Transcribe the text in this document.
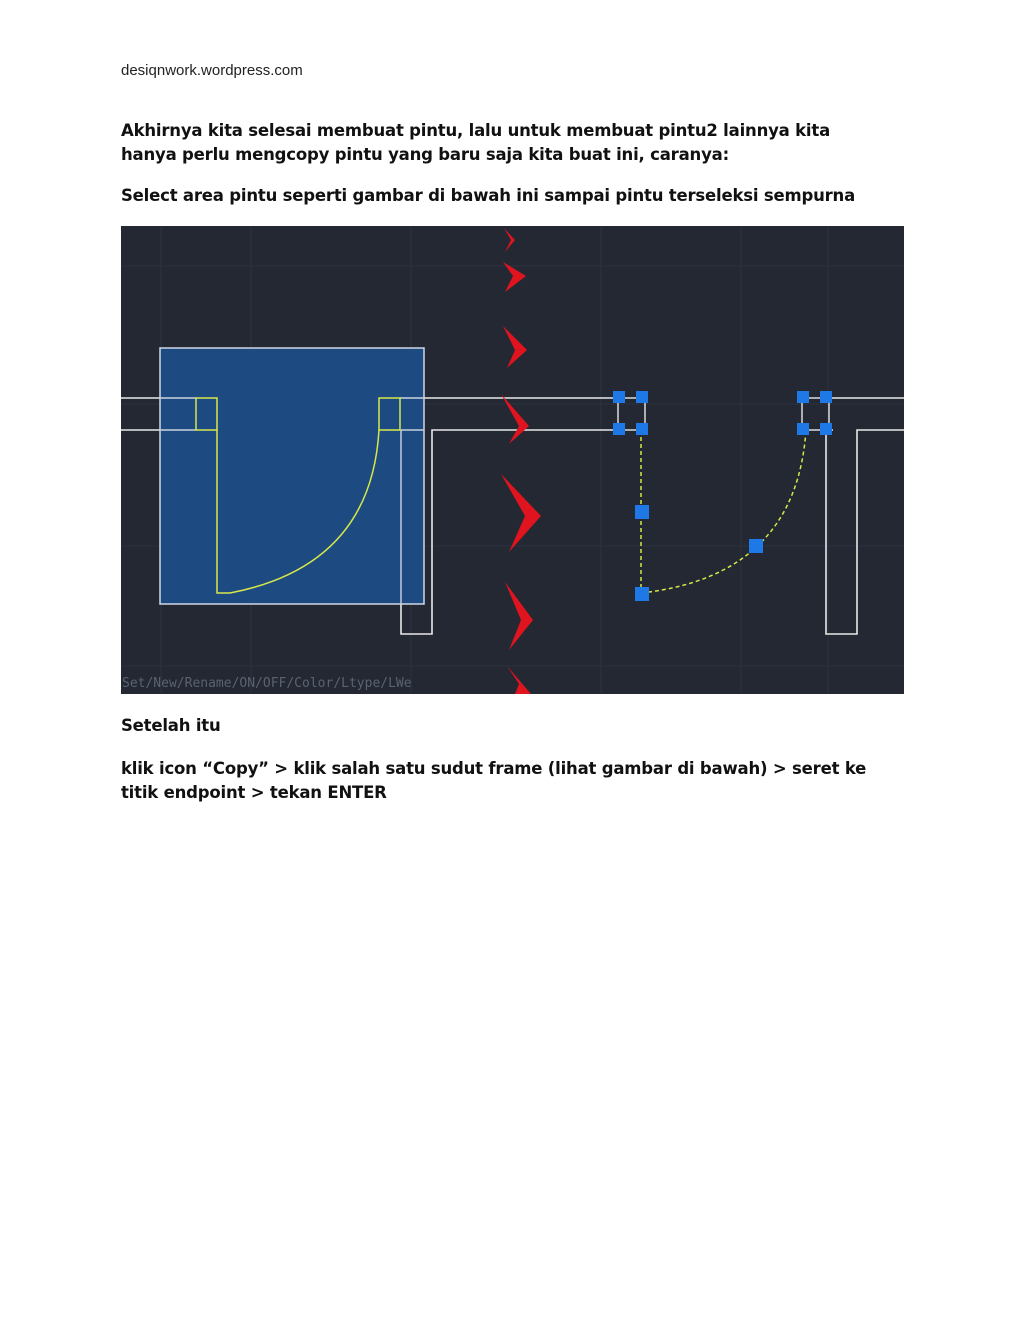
desiqnwork.wordpress.com
Akhirnya kita selesai membuat pintu, lalu untuk membuat pintu2 lainnya kita
hanya perlu mengcopy pintu yang baru saja kita buat ini, caranya:
Select area pintu seperti gambar di bawah ini sampai pintu terseleksi sempurna
Set/New/Rename/ON/OFF/Color/Ltype/LWe
Setelah itu
klik icon “Copy” > klik salah satu sudut frame (lihat gambar di bawah) > seret ke
titik endpoint > tekan ENTER
